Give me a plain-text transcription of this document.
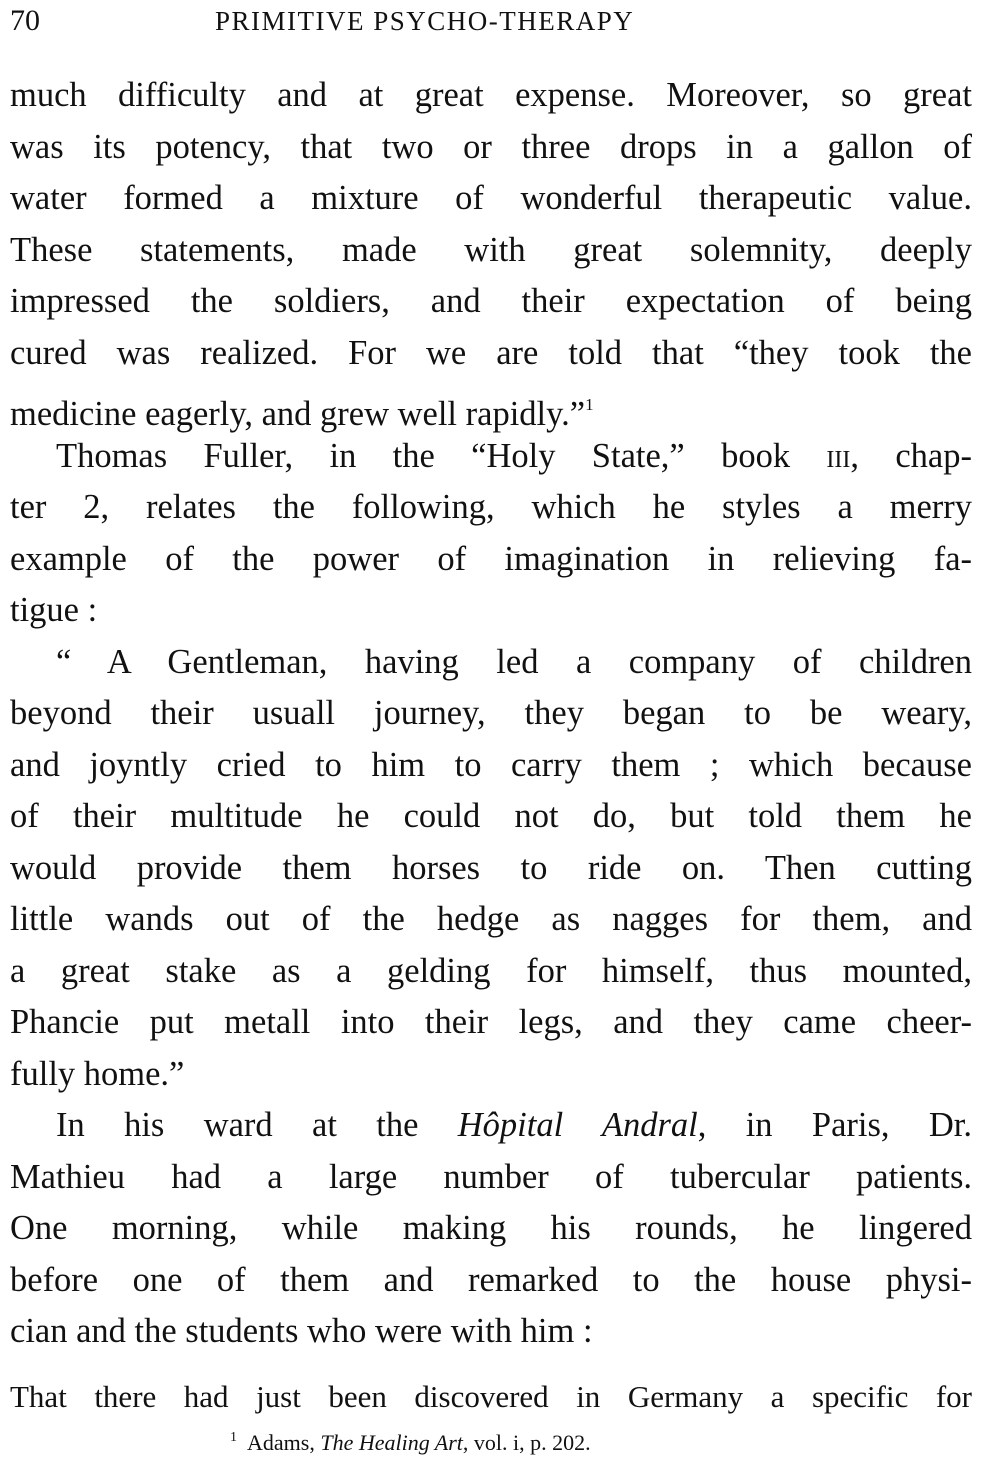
70	PRIMITIVE PSYCHO-THERAPY
much difficulty and at great expense. Moreover, so great
was its potency, that two or three drops in a gallon of
water formed a mixture of wonderful therapeutic value.
These statements, made with great solemnity, deeply
impressed the soldiers, and their expectation of being
cured was realized. For we are told that “they took the
medicine eagerly, and grew well rapidly.”$^1$
Thomas Fuller, in the “Holy State,” book iii, chap-
ter 2, relates the following, which he styles a merry
example of the power of imagination in relieving fa-
tigue :
“ A Gentleman, having led a company of children
beyond their usuall journey, they began to be weary,
and joyntly cried to him to carry them ; which because
of their multitude he could not do, but told them he
would provide them horses to ride on. Then cutting
little wands out of the hedge as nagges for them, and
a great stake as a gelding for himself, thus mounted,
Phancie put metall into their legs, and they came cheer-
fully home.”
In his ward at the Hôpital Andral, in Paris, Dr.
Mathieu had a large number of tubercular patients.
One morning, while making his rounds, he lingered
before one of them and remarked to the house physi-
cian and the students who were with him :
That there had just been discovered in Germany a specific for
$^1$ Adams, The Healing Art, vol. i, p. 202.
